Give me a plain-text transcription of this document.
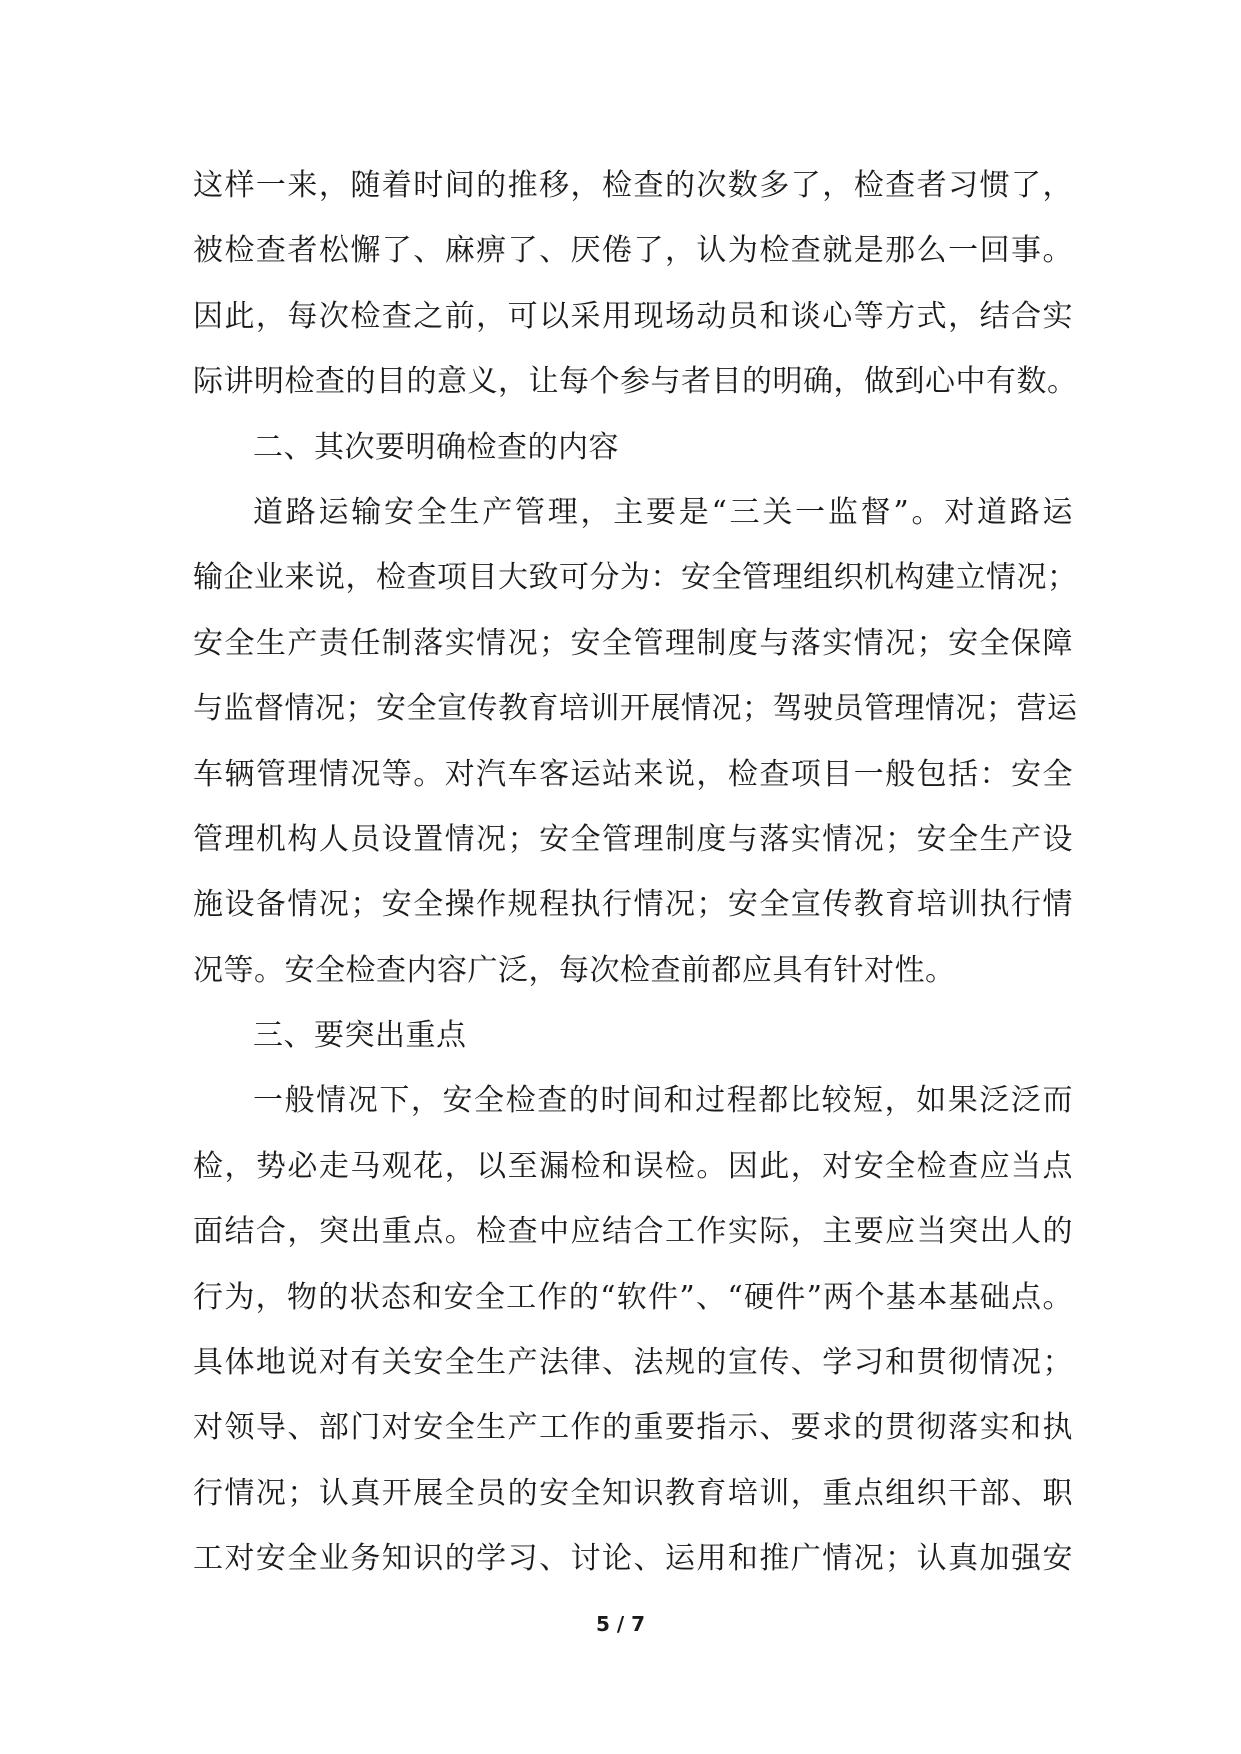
这样一来，随着时间的推移，检查的次数多了，检查者习惯了，
被检查者松懈了、麻痹了、厌倦了，认为检查就是那么一回事。
因此，每次检查之前，可以采用现场动员和谈心等方式，结合实
际讲明检查的目的意义，让每个参与者目的明确，做到心中有数。
二、其次要明确检查的内容
道路运输安全生产管理，主要是“三关一监督”。对道路运
输企业来说，检查项目大致可分为：安全管理组织机构建立情况；
安全生产责任制落实情况；安全管理制度与落实情况；安全保障
与监督情况；安全宣传教育培训开展情况；驾驶员管理情况；营运
车辆管理情况等。对汽车客运站来说，检查项目一般包括：安全
管理机构人员设置情况；安全管理制度与落实情况；安全生产设
施设备情况；安全操作规程执行情况；安全宣传教育培训执行情
况等。安全检查内容广泛，每次检查前都应具有针对性。
三、要突出重点
一般情况下，安全检查的时间和过程都比较短，如果泛泛而
检，势必走马观花，以至漏检和误检。因此，对安全检查应当点
面结合，突出重点。检查中应结合工作实际，主要应当突出人的
行为，物的状态和安全工作的“软件”、“硬件”两个基本基础点。
具体地说对有关安全生产法律、法规的宣传、学习和贯彻情况；
对领导、部门对安全生产工作的重要指示、要求的贯彻落实和执
行情况；认真开展全员的安全知识教育培训，重点组织干部、职
工对安全业务知识的学习、讨论、运用和推广情况；认真加强安
5 / 7
